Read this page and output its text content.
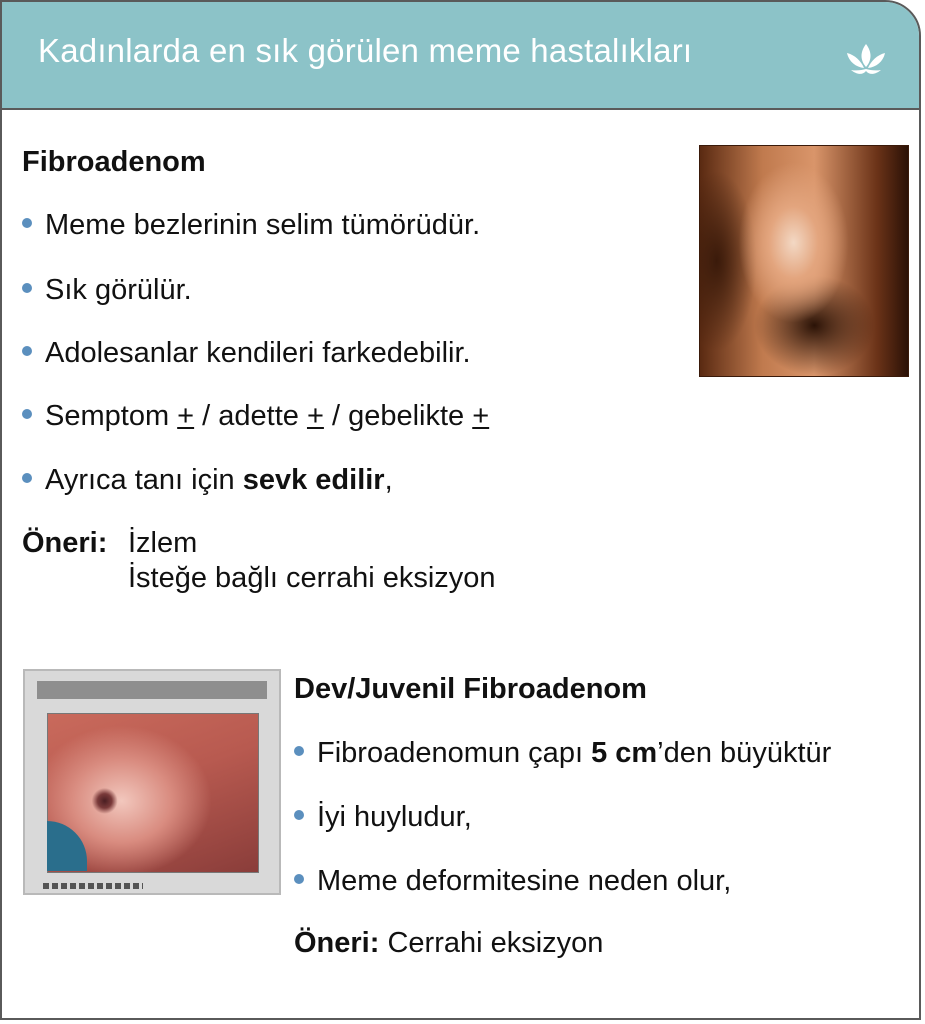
Kadınlarda en sık görülen meme hastalıkları
Fibroadenom
Meme bezlerinin selim tümörüdür.
Sık görülür.
Adolesanlar kendileri farkedebilir.
Semptom + / adette + / gebelikte +
Ayrıca tanı için sevk edilir,
Öneri: İzlem
İsteğe bağlı cerrahi eksizyon
Dev/Juvenil Fibroadenom
Fibroadenomun çapı 5 cm’den büyüktür
İyi huyludur,
Meme deformitesine neden olur,
Öneri: Cerrahi eksizyon
